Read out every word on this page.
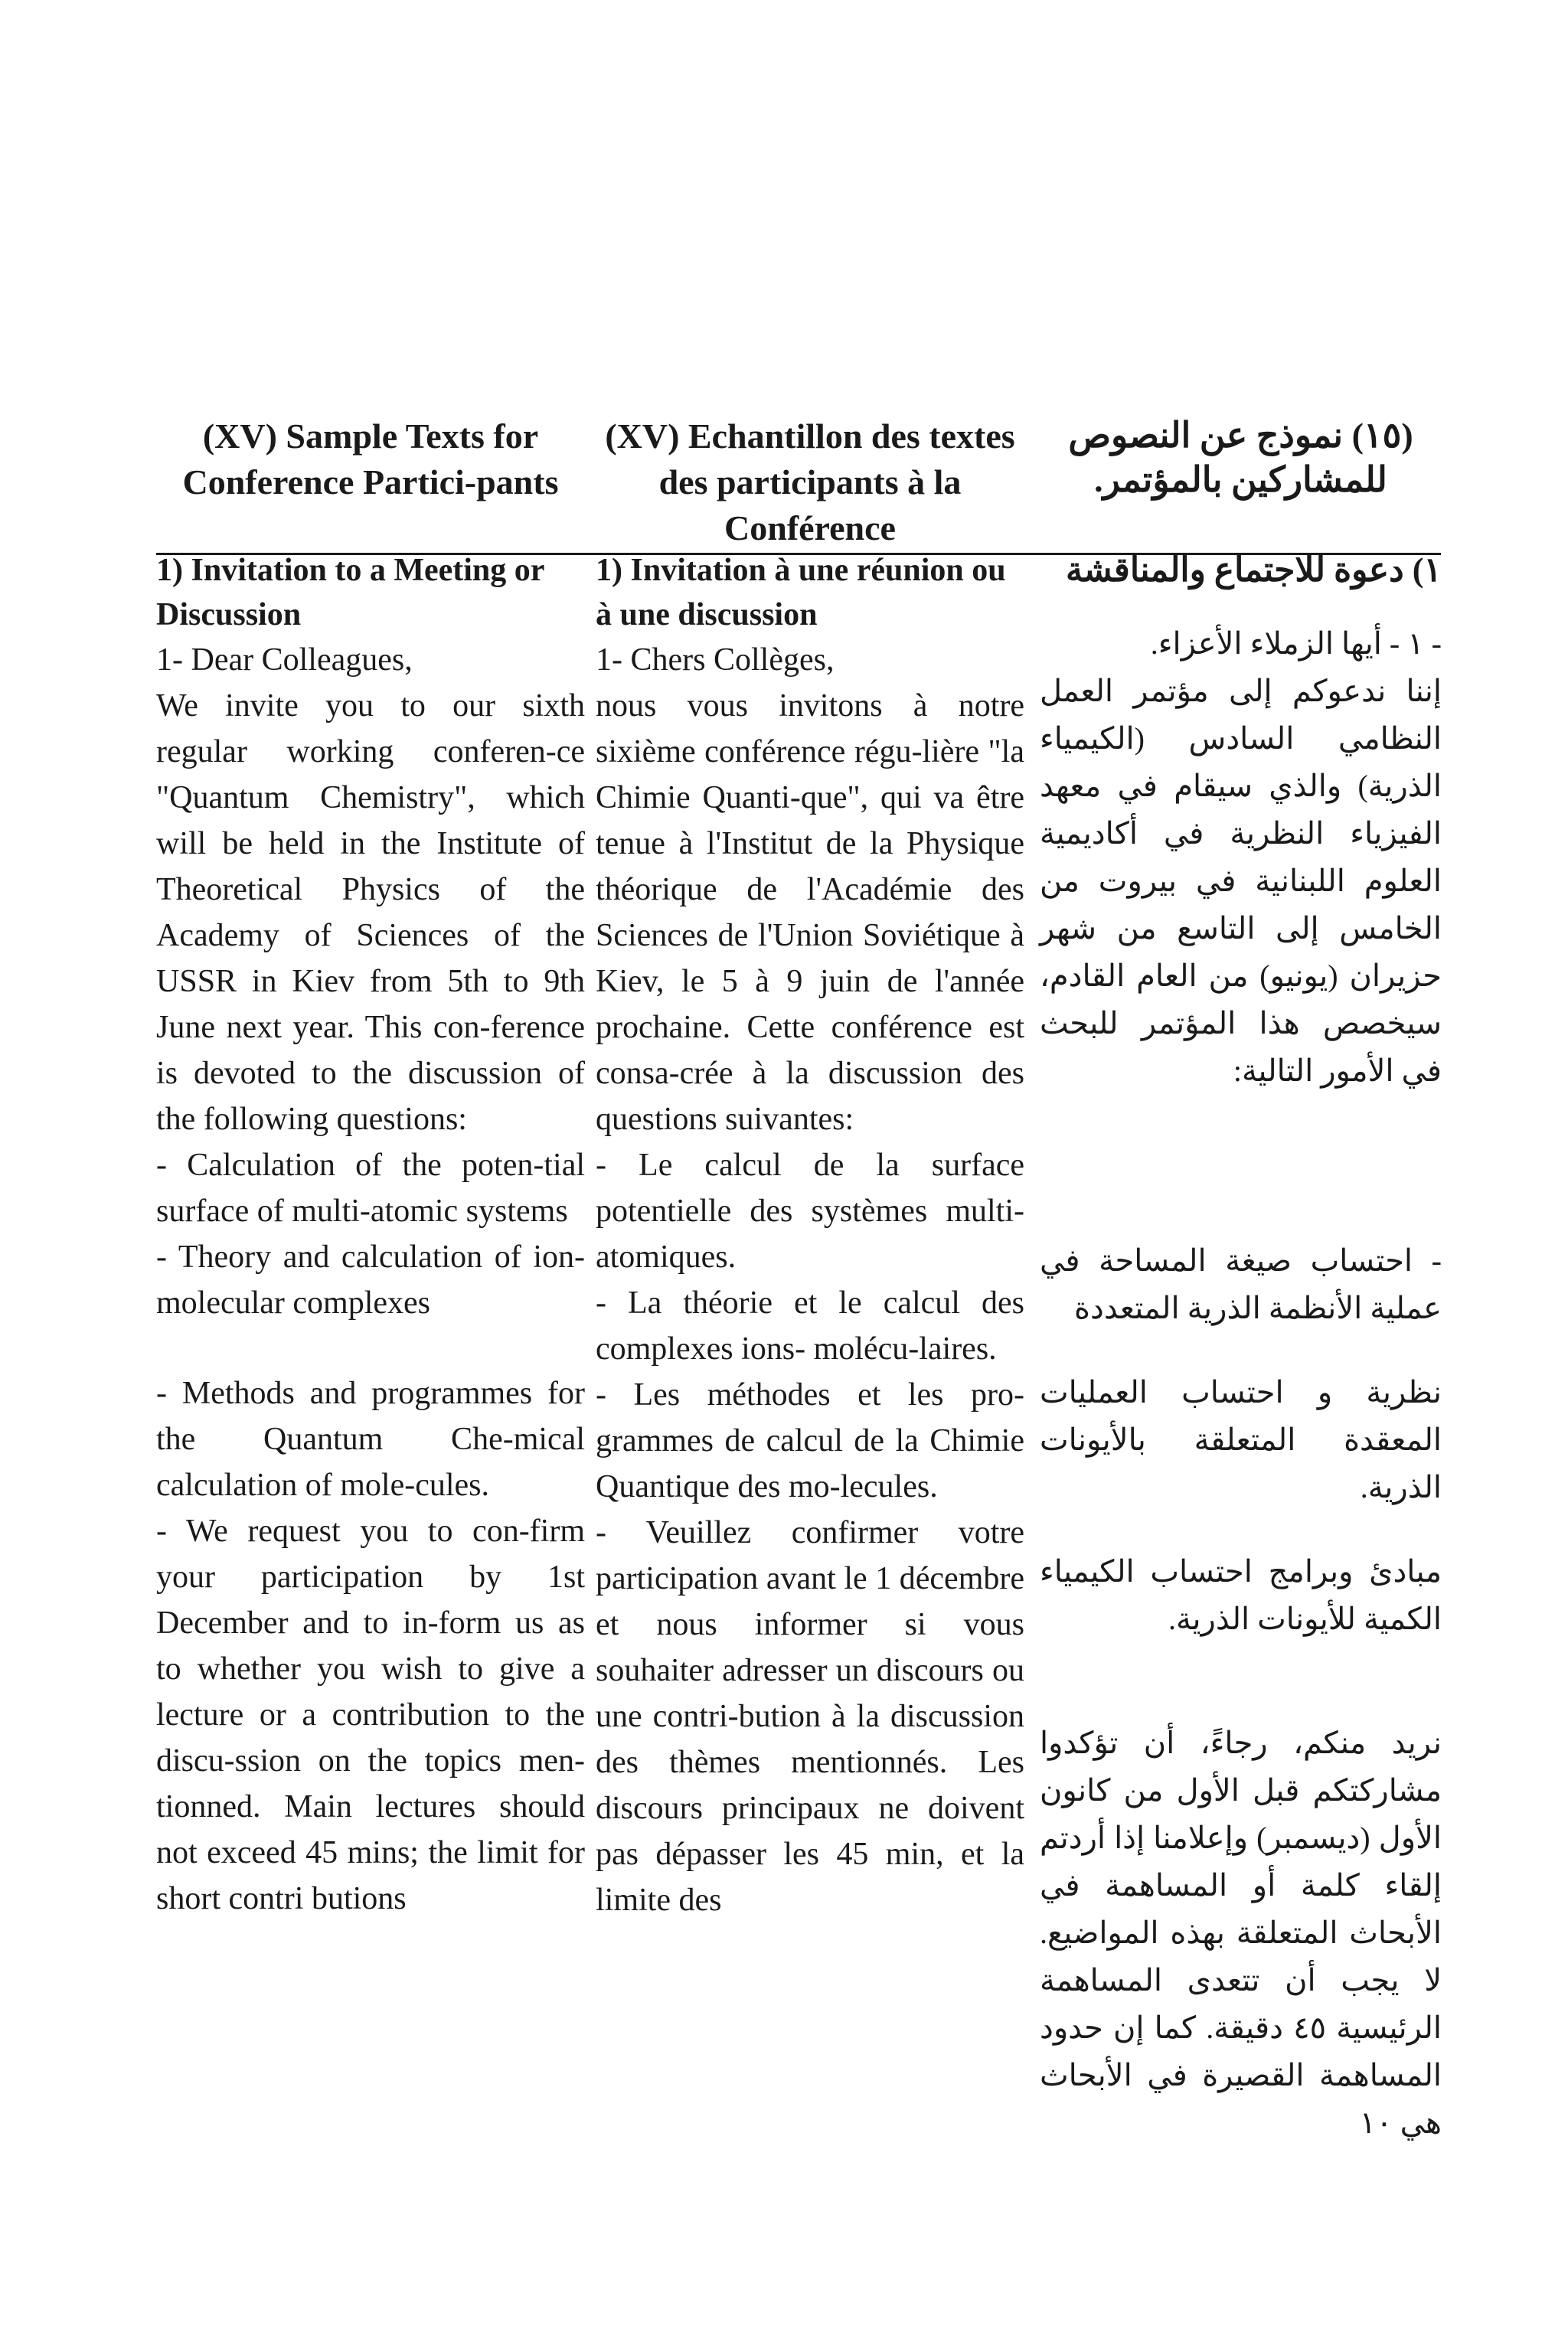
(XV) Sample Texts for Conference Partici-pants
1) Invitation to a Meeting or Discussion
1- Dear Colleagues,
We invite you to our sixth regular working conferen-ce "Quantum Chemistry", which will be held in the Institute of Theoretical Physics of the Academy of Sciences of the USSR in Kiev from 5th to 9th June next year. This con-ference is devoted to the discussion of the following questions:
- Calculation of the poten-tial surface of multi-atomic systems
- Theory and calculation of ion-molecular complexes
- Methods and programmes for the Quantum Che-mical calculation of mole-cules.
- We request you to con-firm your participation by 1st December and to in-form us as to whether you wish to give a lecture or a contribution to the discu-ssion on the topics men-tionned. Main lectures should not exceed 45 mins; the limit for short contri butions
(XV) Echantillon des textes des participants à la Conférence
1) Invitation à une réunion ou à une discussion
1- Chers Collèges,
nous vous invitons à notre sixième conférence régu-lière "la Chimie Quanti-que", qui va être tenue à l'Institut de la Physique théorique de l'Académie des Sciences de l'Union Soviétique à Kiev, le 5 à 9 juin de l'année prochaine. Cette conférence est consa-crée à la discussion des questions suivantes:
- Le calcul de la surface potentielle des systèmes multi-atomiques.
- La théorie et le calcul des complexes ions- molécu-laires.
- Les méthodes et les pro-grammes de calcul de la Chimie Quantique des mo-lecules.
- Veuillez confirmer votre participation avant le 1 décembre et nous informer si vous souhaiter adresser un discours ou une contri-bution à la discussion des thèmes mentionnés. Les discours principaux ne doivent pas dépasser les 45 min, et la limite des
(١٥) نموذج عن النصوص للمشاركين بالمؤتمر.
١) دعوة للاجتماع والمناقشة
- ١ - أيها الزملاء الأعزاء.
إننا ندعوكم إلى مؤتمر العمل النظامي السادس (الكيمياء الذرية) والذي سيقام في معهد الفيزياء النظرية في أكاديمية العلوم اللبنانية في بيروت من الخامس إلى التاسع من شهر حزيران (يونيو) من العام القادم، سيخصص هذا المؤتمر للبحث في الأمور التالية:
- احتساب صيغة المساحة في عملية الأنظمة الذرية المتعددة
نظرية و احتساب العمليات المعقدة المتعلقة بالأيونات الذرية.
مبادئ وبرامج احتساب الكيمياء الكمية للأيونات الذرية.
نريد منكم، رجاءً، أن تؤكدوا مشاركتكم قبل الأول من كانون الأول (ديسمبر) وإعلامنا إذا أردتم إلقاء كلمة أو المساهمة في الأبحاث المتعلقة بهذه المواضيع. لا يجب أن تتعدى المساهمة الرئيسية ٤٥ دقيقة. كما إن حدود المساهمة القصيرة في الأبحاث هي ١٠
